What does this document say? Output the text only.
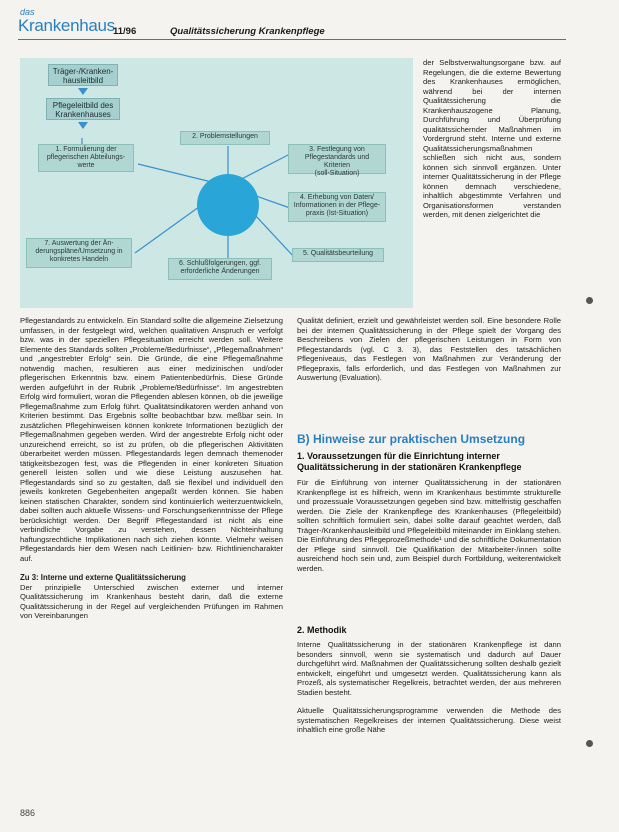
das
Krankenhaus
11/96	Qualitätssicherung Krankenpflege
Träger-/Kranken-
hausleitbild
Pflegeleitbild des
Krankenhauses
1. Formulierung der
pflegerischen Abteilungs-
werte
2. Problemstellungen
3. Festlegung von
Pflegestandards und Kriterien
(soll-Situation)
4. Erhebung von Daten/
Informationen in der Pflege-
praxis (Ist-Situation)
5. Qualitätsbeurteilung
6. Schlußfolgerungen, ggf.
erforderliche Änderungen
7. Auswertung der Än-
derungspläne/Umsetzung in
konkretes Handeln

der Selbstverwaltungsorgane bzw. auf Regelungen, die die externe Bewertung des Krankenhauses ermöglichen, während bei der internen Qualitätssicherung die Krankenhauszogene Planung, Durchführung und Überprüfung qualitätssichernder Maßnahmen im Vordergrund steht. Interne und externe Qualitätssicherungsmaßnahmen schließen sich nicht aus, sondern können sich sinnvoll ergänzen. Unter interner Qualitätssicherung in der Pflege können demnach verschiedene, inhaltlich abgestimmte Verfahren und Organisationsformen verstanden werden, mit denen zielgerichtet die

Pflegestandards zu entwickeln. Ein Standard sollte die allgemeine Zielsetzung umfassen, in der festgelegt wird, welchen qualitativen Anspruch er verfolgt bzw. was in der speziellen Pflegesituation erreicht werden soll. Weitere Elemente des Standards sollten „Probleme/Bedürfnisse“, „Pflegemaßnahmen“ und „angestrebter Erfolg“ sein. Die Gründe, die eine Pflegemaßnahme notwendig machen, resultieren aus einer medizinischen und/oder pflegerischen Erkenntnis bzw. einem Patientenbedürfnis. Diese Gründe werden aufgeführt in der Rubrik „Probleme/Bedürfnisse“. Im angestrebten Erfolg wird formuliert, woran die Pflegenden ablesen können, ob die jeweilige Pflegemaßnahme zum Erfolg führt. Qualitätsindikatoren werden anhand von Kriterien bestimmt. Das Ergebnis sollte beobachtbar bzw. meßbar sein. In zusätzlichen Pflegehinweisen können konkrete Informationen bezüglich der Pflegemaßnahmen gegeben werden. Wird der angestrebte Erfolg nicht oder unzureichend erreicht, so ist zu prüfen, ob die pflegerischen Aktivitäten überarbeitet werden müssen. Pflegestandards legen demnach themenoder tätigkeitsbezogen fest, was die Pflegenden in einer konkreten Situation generell leisten sollen und wie diese Leistung auszusehen hat. Pflegestandards sind so zu gestalten, daß sie flexibel und individuell den jeweils konkreten Gegebenheiten angepaßt werden können. Sie haben keinen statischen Charakter, sondern sind kontinuierlich weiterzuentwickeln, dabei sollten auch aktuelle Wissens- und Forschungserkenntnisse der Pflege berücksichtigt werden. Der Begriff Pflegestandard ist nicht als eine verbindliche Vorgabe zu verstehen, dessen Nichteinhaltung haftungsrechtliche Implikationen nach sich ziehen könnte. Vielmehr weisen Pflegestandards hier dem Wesen nach Leitlinien- bzw. Richtliniencharakter auf.

Zu 3: Interne und externe Qualitätssicherung

Der prinzipielle Unterschied zwischen externer und interner Qualitätssicherung im Krankenhaus besteht darin, daß die externe Qualitätssicherung in der Regel auf vergleichenden Prüfungen im Rahmen von Vereinbarungen

Qualität definiert, erzielt und gewährleistet werden soll. Eine besondere Rolle bei der internen Qualitätssicherung in der Pflege spielt der Vorgang des Beschreibens von Zielen der pflegerischen Leistungen in Form von Pflegestandards (vgl. C 3. 3), das Feststellen des tatsächlichen Pflegeniveaus, das Festlegen von Maßnahmen zur Veränderung der Pflegepraxis, falls erforderlich, und das Festlegen von Maßnahmen zur Auswertung (Evaluation).

B) Hinweise zur praktischen Umsetzung
1. Voraussetzungen für die Einrichtung interner Qualitätssicherung in der stationären Krankenpflege

Für die Einführung von interner Qualitätssicherung in der stationären Krankenpflege ist es hilfreich, wenn im Krankenhaus bestimmte strukturelle und prozessuale Voraussetzungen gegeben sind bzw. mittelfristig geschaffen werden. Die Ziele der Krankenpflege des Krankenhauses (Pflegeleitbild) sollten schriftlich formuliert sein, dabei sollte darauf geachtet werden, daß Träger-/Krankenhausleitbild und Pflegeleitbild miteinander im Einklang stehen. Die Einführung des Pflegeprozeßmethode¹ und die schriftliche Dokumentation der Pflege sind sinnvoll. Die Qualifikation der Mitarbeiter-/innen sollte ausreichend hoch sein und, zum Beispiel durch Fortbildung, weiterentwickelt werden.

2. Methodik

Interne Qualitätssicherung in der stationären Krankenpflege ist dann besonders sinnvoll, wenn sie systematisch und dadurch auf Dauer durchgeführt wird. Maßnahmen der Qualitätssicherung sollten deshalb gezielt entwickelt, eingeführt und umgesetzt werden. Qualitätssicherung kann als Prozeß, als systematischer Regelkreis, betrachtet werden, der aus mehreren Stadien besteht.

Aktuelle Qualitätssicherungsprogramme verwenden die Methode des systematischen Regelkreises der internen Qualitätssicherung. Diese weist inhaltlich eine große Nähe

886
